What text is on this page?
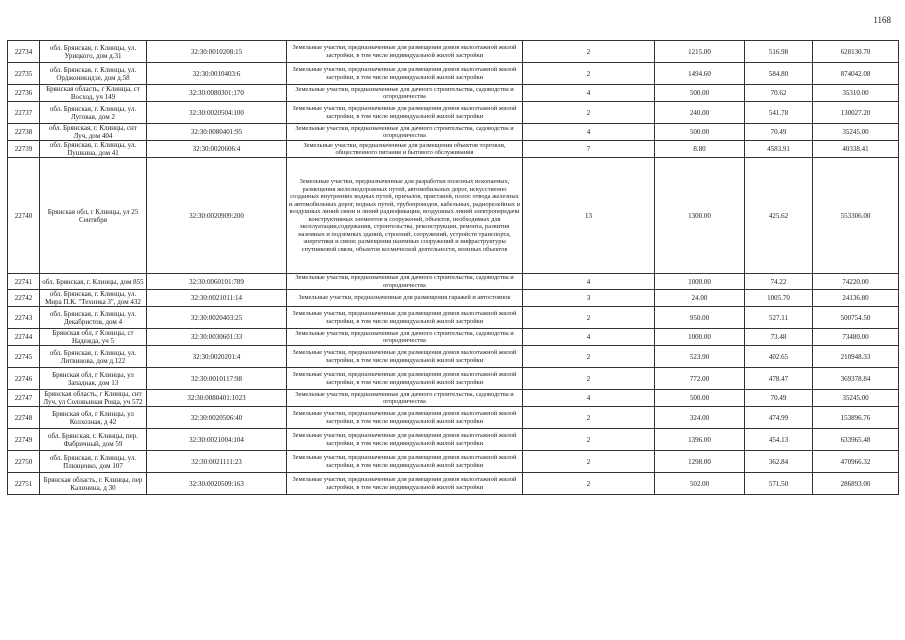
1168
22734	обл. Брянская, г. Клинцы, ул. Урицкого, дом д.31	32:30:0010208:15	Земельные участки, предназначенные для размещения домов малоэтажной жилой застройки, в том числе индивидуальной жилой застройки	2	1215.00	516.98	628130.70
22735	обл. Брянская, г. Клинцы, ул. Орджоникидзе, дом д.58	32:30:0010403:6	Земельные участки, предназначенные для размещения домов малоэтажной жилой застройки, в том числе индивидуальной жилой застройки	2	1494.60	584.80	874042.08
22736	Брянская область, г Клинцы, ст Восход, уч 149	32:30:0080301:170	Земельные участки, предназначенные для дачного строительства, садоводства и огородничества	4	500.00	70.62	35310.00
22737	обл. Брянская, г. Клинцы, ул. Луговая, дом 2	32:30:0020504:100	Земельные участки, предназначенные для размещения домов малоэтажной жилой застройки, в том числе индивидуальной жилой застройки	2	240.00	541.78	130027.20
22738	обл. Брянская, г. Клинцы, снт Луч, дом 404	32:30:0080401:95	Земельные участки, предназначенные для дачного строительства, садоводства и огородничества	4	500.00	70.49	35245.00
22739	обл. Брянская, г. Клинцы, ул. Пушкина, дом 41	32:30:0020606:4	Земельные участки, предназначенные для размещения объектов торговли, общественного питания и бытового обслуживания	7	8.80	4583.91	40338.41
22740	Брянская обл, г Клинцы, ул 25 Сентября	32:30:0020909:200	Земельные участки, предназначенные для разработки полезных ископаемых, размещения железнодорожных путей, автомобильных дорог, искусственно созданных внутренних водных путей, причалов, пристаней, полос отвода железных и автомобильных дорог, водных путей, трубопроводов, кабельных, радиорелейных и воздушных линий связи и линий радиофикации, воздушных линий электропередачи конструктивных элементов и сооружений, объектов, необходимых для эксплуатации,содержания, строительства, реконструкции, ремонта, развития наземных и подземных зданий, строений, сооружений, устройств транспорта, энергетики и связи; размещения наземных сооружений и инфраструктуры спутниковой связи, объектов космической деятельности, военных объектов	13	1300.00	425.62	553306.00
22741	обл. Брянская, г. Клинцы, дом 855	32:30:0060101:789	Земельные участки, предназначенные для дачного строительства, садоводства и огородничества	4	1000.00	74.22	74220.00
22742	обл. Брянская, г. Клинцы, ул. Мира П.К. "Техника 3", дом 432	32:30:0021011:14	Земельные участки, предназначенные для размещения гаражей и автостоянок	3	24.00	1005.70	24136.80
22743	обл. Брянская, г. Клинцы, ул. Декабристов, дом 4	32:30:0020403:25	Земельные участки, предназначенные для размещения домов малоэтажной жилой застройки, в том числе индивидуальной жилой застройки	2	950.00	527.11	500754.50
22744	Брянская обл, г Клинцы, ст Надежда, уч 5	32:30:0030601:33	Земельные участки, предназначенные для дачного строительства, садоводства и огородничества	4	1000.00	73.48	73480.00
22745	обл. Брянская, г. Клинцы, ул. Литвинова, дом д.122	32:30:0020201:4	Земельные участки, предназначенные для размещения домов малоэтажной жилой застройки, в том числе индивидуальной жилой застройки	2	523.90	402.65	210948.33
22746	Брянская обл, г Клинцы, ул Западная, дом 13	32:30:0010117:98	Земельные участки, предназначенные для размещения домов малоэтажной жилой застройки, в том числе индивидуальной жилой застройки	2	772.00	478.47	369378.84
22747	Брянская область, г Клинцы, снт Луч, ул Соловьиная Роща, уч 572	32:30:0080401:1023	Земельные участки, предназначенные для дачного строительства, садоводства и огородничества	4	500.00	70.49	35245.00
22748	Брянская обл, г Клинцы, ул Колхозная, д 42	32:30:0020506:40	Земельные участки, предназначенные для размещения домов малоэтажной жилой застройки, в том числе индивидуальной жилой застройки	2	324.00	474.99	153896.76
22749	обл. Брянская, г. Клинцы, пер. Фабричный, дом 59	32:30:0021004:104	Земельные участки, предназначенные для размещения домов малоэтажной жилой застройки, в том числе индивидуальной жилой застройки	2	1396.00	454.13	633965.48
22750	обл. Брянская, г. Клинцы, ул. Плющенко, дом 107	32:30:0021111:23	Земельные участки, предназначенные для размещения домов малоэтажной жилой застройки, в том числе индивидуальной жилой застройки	2	1298.00	362.84	470966.32
22751	Брянская область, г. Клинцы, пер Калинина, д 30	32:30:0020509:163	Земельные участки, предназначенные для размещения домов малоэтажной жилой застройки, в том числе индивидуальной жилой застройки	2	502.00	571.50	286893.00
